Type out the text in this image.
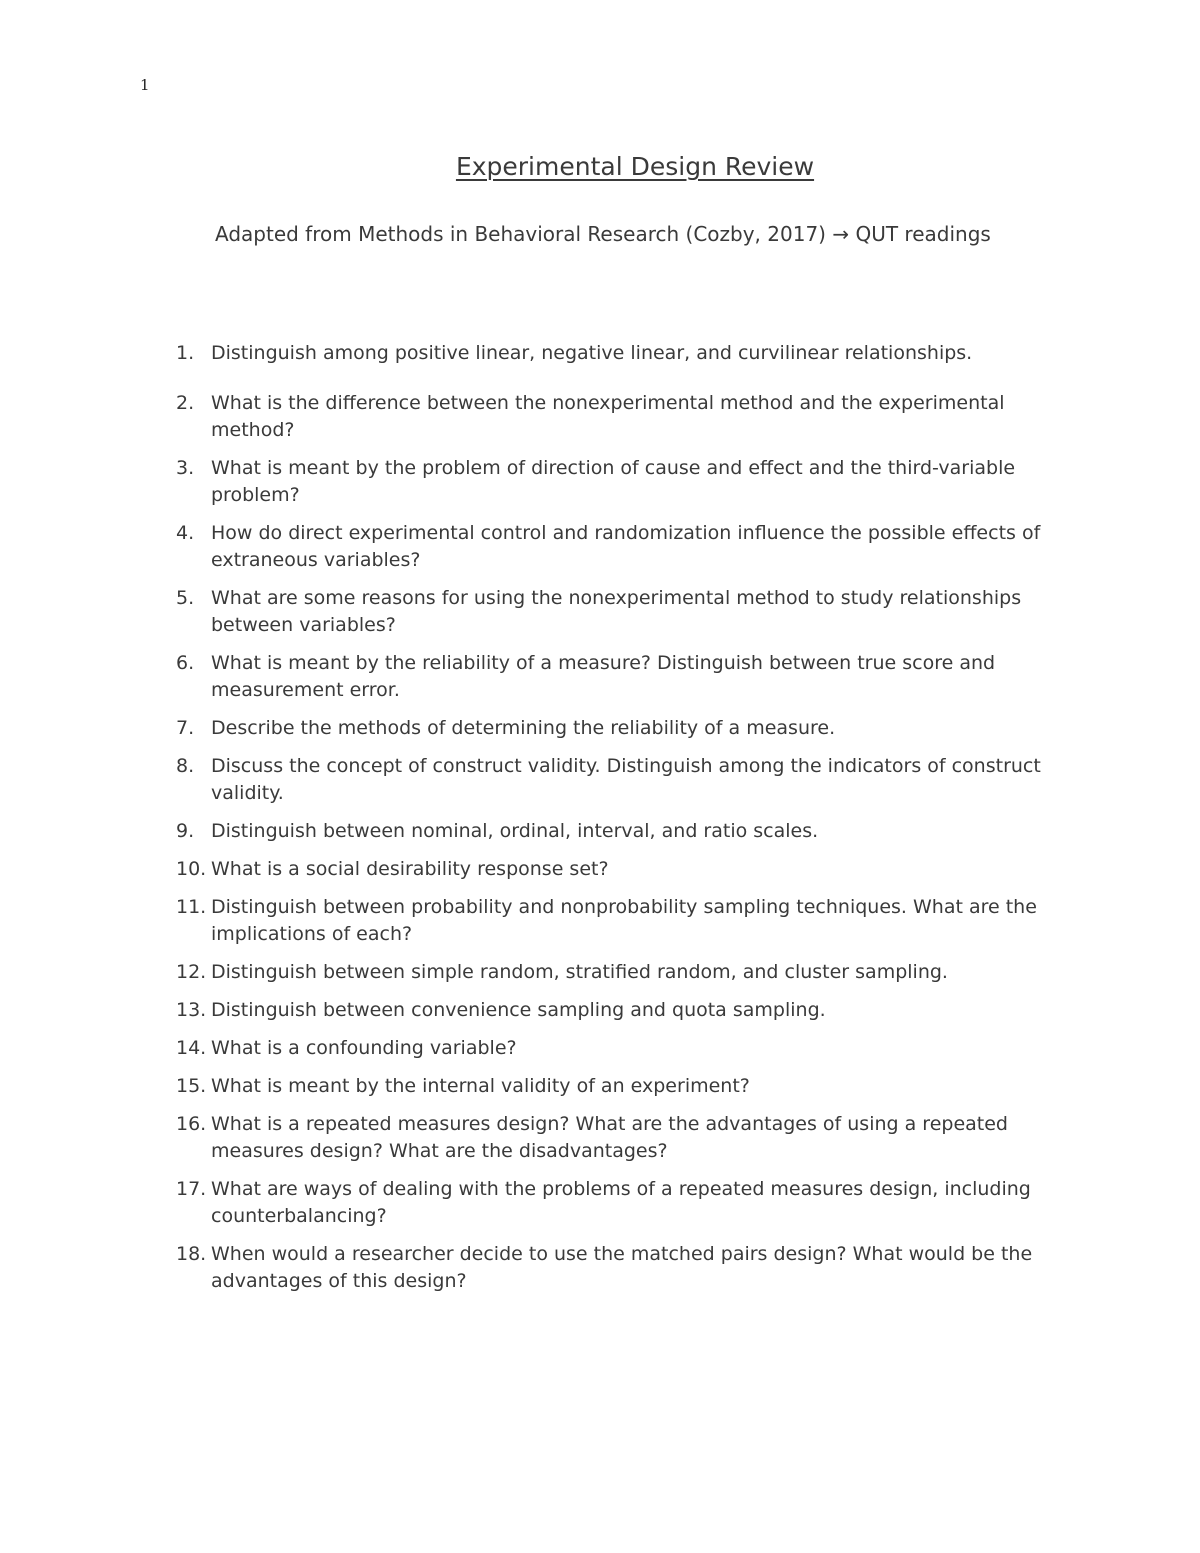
1
Experimental Design Review
Adapted from Methods in Behavioral Research (Cozby, 2017) → QUT readings
1. Distinguish among positive linear, negative linear, and curvilinear relationships.
2. What is the difference between the nonexperimental method and the experimental method?
3. What is meant by the problem of direction of cause and effect and the third-variable problem?
4. How do direct experimental control and randomization influence the possible effects of extraneous variables?
5. What are some reasons for using the nonexperimental method to study relationships between variables?
6. What is meant by the reliability of a measure? Distinguish between true score and measurement error.
7. Describe the methods of determining the reliability of a measure.
8. Discuss the concept of construct validity. Distinguish among the indicators of construct validity.
9. Distinguish between nominal, ordinal, interval, and ratio scales.
10. What is a social desirability response set?
11. Distinguish between probability and nonprobability sampling techniques. What are the implications of each?
12. Distinguish between simple random, stratified random, and cluster sampling.
13. Distinguish between convenience sampling and quota sampling.
14. What is a confounding variable?
15. What is meant by the internal validity of an experiment?
16. What is a repeated measures design? What are the advantages of using a repeated measures design? What are the disadvantages?
17. What are ways of dealing with the problems of a repeated measures design, including counterbalancing?
18. When would a researcher decide to use the matched pairs design? What would be the advantages of this design?
